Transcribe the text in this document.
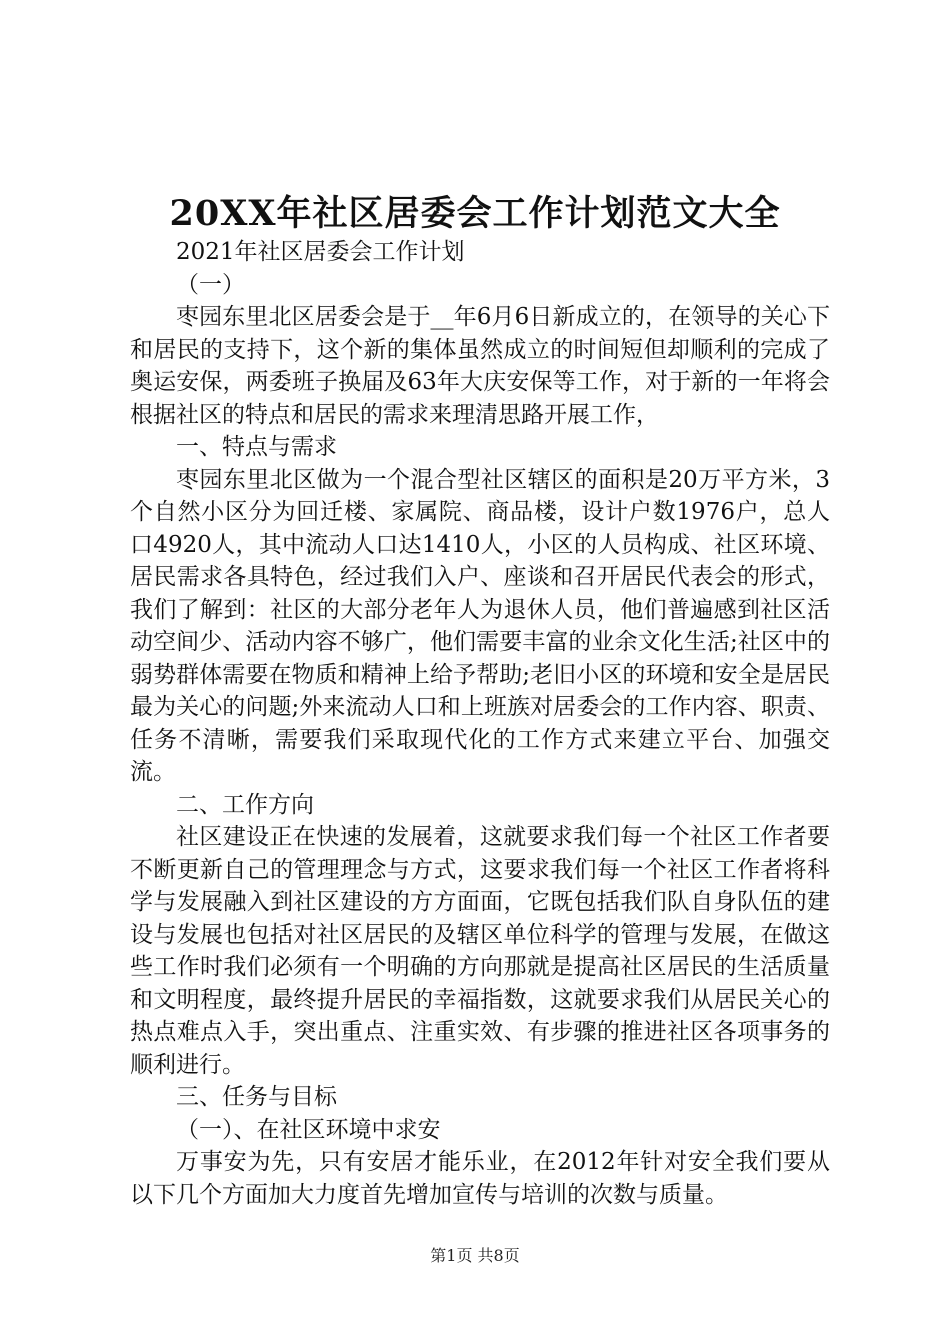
20XX年社区居委会工作计划范文大全

2021年社区居委会工作计划

（一）

枣园东里北区居委会是于__年6月6日新成立的，在领导的关心下和居民的支持下，这个新的集体虽然成立的时间短但却顺利的完成了奥运安保，两委班子换届及63年大庆安保等工作，对于新的一年将会根据社区的特点和居民的需求来理清思路开展工作，

一、特点与需求

枣园东里北区做为一个混合型社区辖区的面积是20万平方米，3个自然小区分为回迁楼、家属院、商品楼，设计户数1976户，总人口4920人，其中流动人口达1410人，小区的人员构成、社区环境、居民需求各具特色，经过我们入户、座谈和召开居民代表会的形式，我们了解到：社区的大部分老年人为退休人员，他们普遍感到社区活动空间少、活动内容不够广，他们需要丰富的业余文化生活;社区中的弱势群体需要在物质和精神上给予帮助;老旧小区的环境和安全是居民最为关心的问题;外来流动人口和上班族对居委会的工作内容、职责、任务不清晰，需要我们采取现代化的工作方式来建立平台、加强交流。

二、工作方向

社区建设正在快速的发展着，这就要求我们每一个社区工作者要不断更新自己的管理理念与方式，这要求我们每一个社区工作者将科学与发展融入到社区建设的方方面面，它既包括我们队自身队伍的建设与发展也包括对社区居民的及辖区单位科学的管理与发展，在做这些工作时我们必须有一个明确的方向那就是提高社区居民的生活质量和文明程度，最终提升居民的幸福指数，这就要求我们从居民关心的热点难点入手，突出重点、注重实效、有步骤的推进社区各项事务的顺利进行。

三、任务与目标

（一）、在社区环境中求安

万事安为先，只有安居才能乐业，在2012年针对安全我们要从以下几个方面加大力度首先增加宣传与培训的次数与质量。

第1页 共8页
